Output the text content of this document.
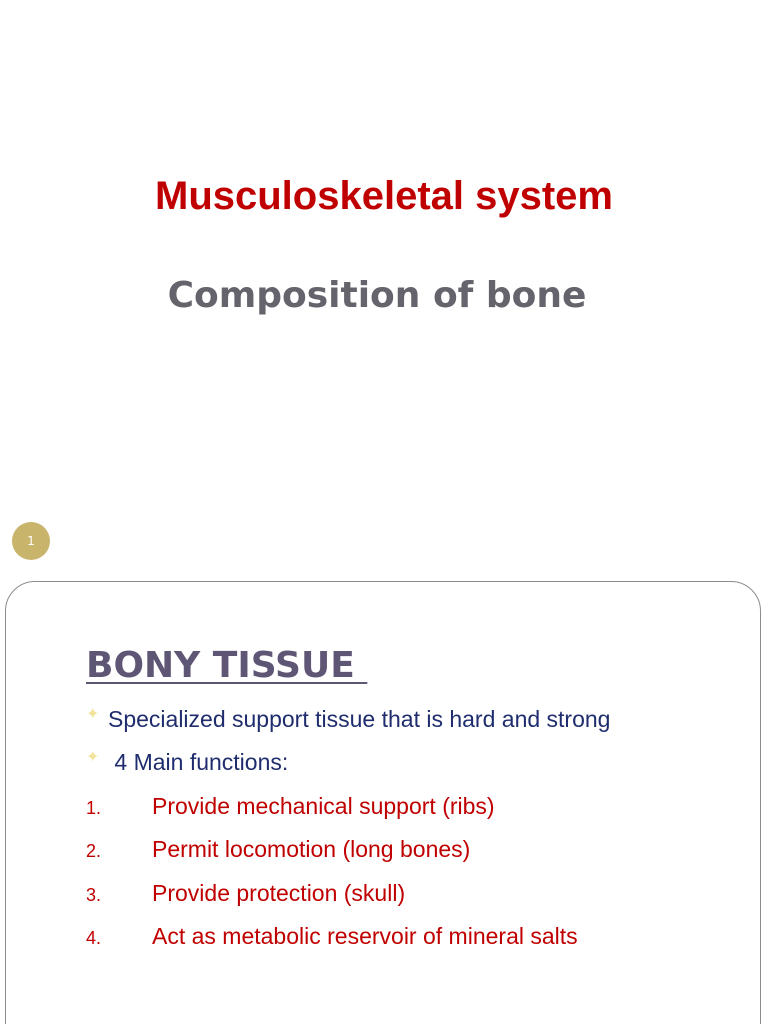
Musculoskeletal system
Composition of bone
1
BONY TISSUE
✦ Specialized support tissue that is hard and strong
✦ 4 Main functions:
1. Provide mechanical support (ribs)
2. Permit locomotion (long bones)
3. Provide protection (skull)
4. Act as metabolic reservoir of mineral salts
